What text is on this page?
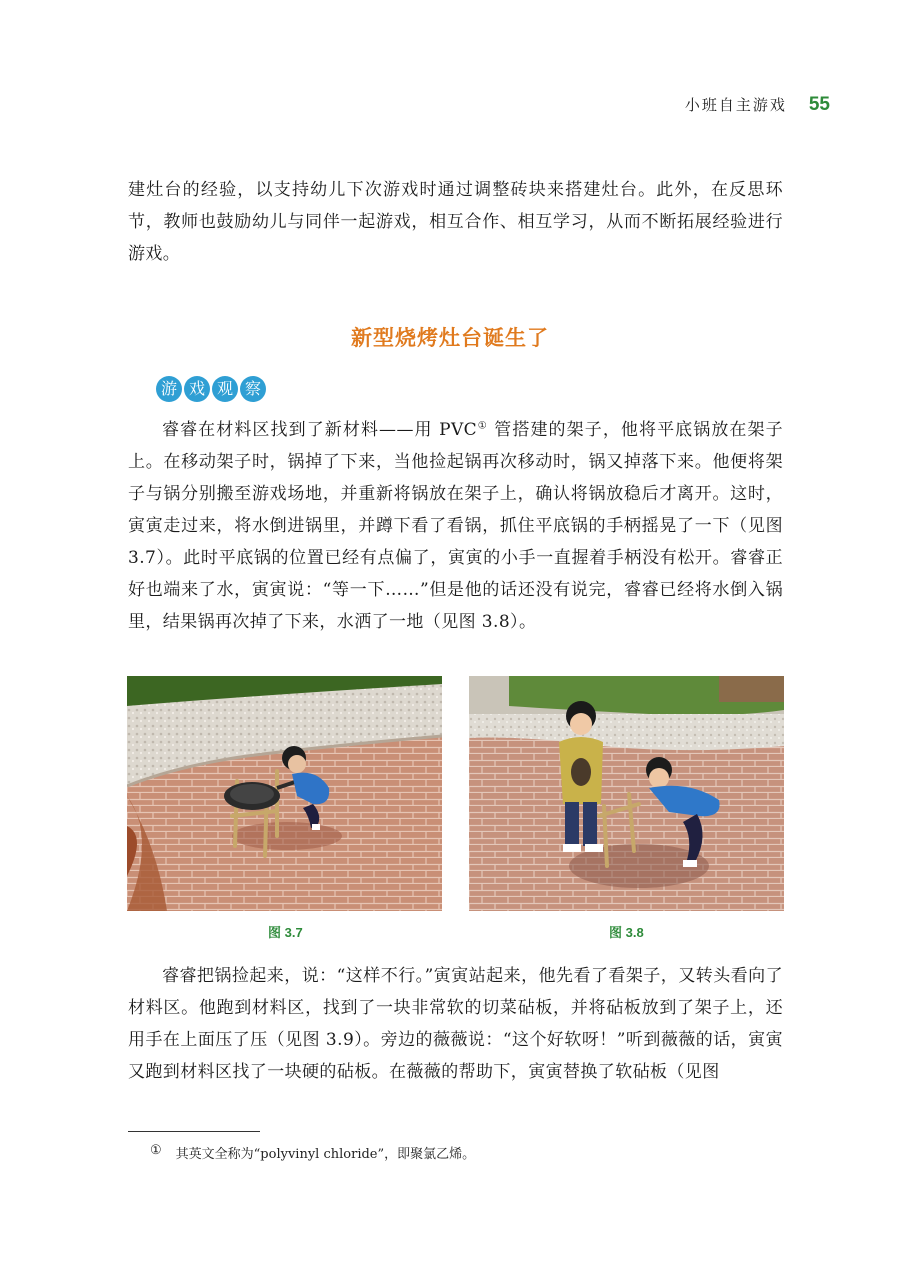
小班自主游戏 55

建灶台的经验，以支持幼儿下次游戏时通过调整砖块来搭建灶台。此外，在反思环节，教师也鼓励幼儿与同伴一起游戏，相互合作、相互学习，从而不断拓展经验进行游戏。

新型烧烤灶台诞生了
游 戏 观 察

睿睿在材料区找到了新材料——用 PVC① 管搭建的架子，他将平底锅放在架子上。在移动架子时，锅掉了下来，当他捡起锅再次移动时，锅又掉落下来。他便将架子与锅分别搬至游戏场地，并重新将锅放在架子上，确认将锅放稳后才离开。这时，寅寅走过来，将水倒进锅里，并蹲下看了看锅，抓住平底锅的手柄摇晃了一下（见图 3.7）。此时平底锅的位置已经有点偏了，寅寅的小手一直握着手柄没有松开。睿睿正好也端来了水，寅寅说：“等一下……”但是他的话还没有说完，睿睿已经将水倒入锅里，结果锅再次掉了下来，水洒了一地（见图 3.8）。

图 3.7	图 3.8

睿睿把锅捡起来，说：“这样不行。”寅寅站起来，他先看了看架子，又转头看向了材料区。他跑到材料区，找到了一块非常软的切菜砧板，并将砧板放到了架子上，还用手在上面压了压（见图 3.9）。旁边的薇薇说：“这个好软呀！”听到薇薇的话，寅寅又跑到材料区找了一块硬的砧板。在薇薇的帮助下，寅寅替换了软砧板（见图

① 其英文全称为“polyvinyl chloride”，即聚氯乙烯。
